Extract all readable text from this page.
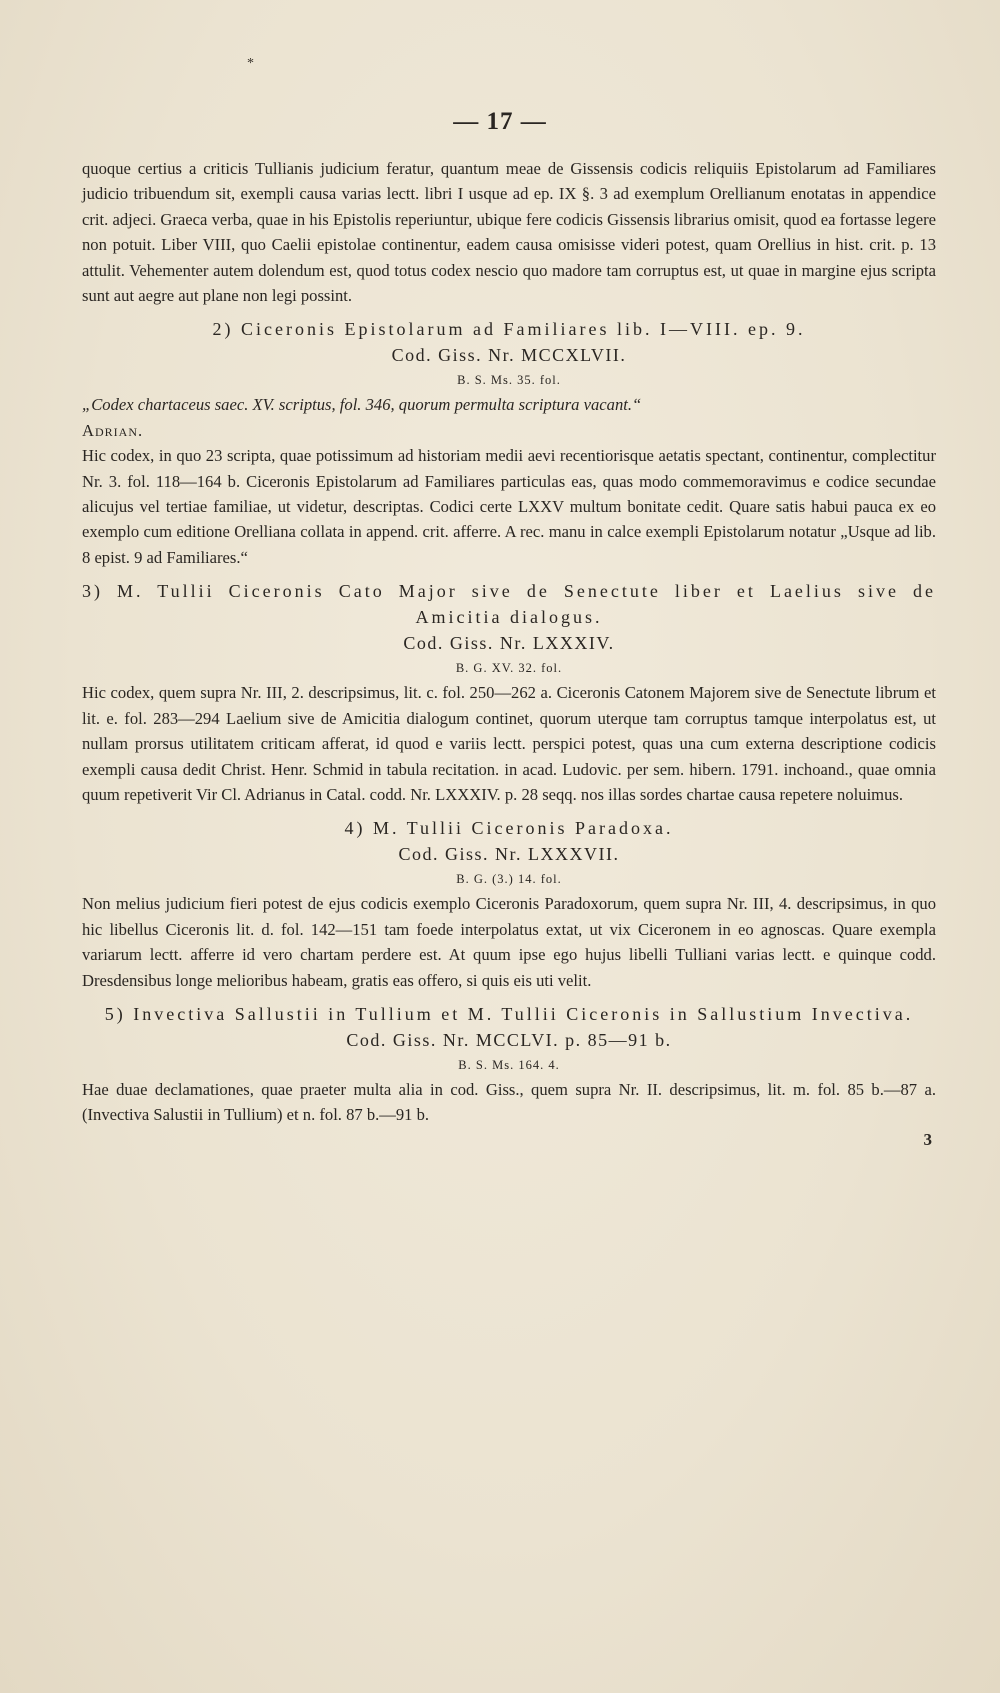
*
— 17 —

quoque certius a criticis Tullianis judicium feratur, quantum meae de Gissensis codicis reliquiis Epistolarum ad Familiares judicio tribuendum sit, exempli causa varias lectt. libri I usque ad ep. IX §. 3 ad exemplum Orellianum enotatas in appendice crit. adjeci. Graeca verba, quae in his Epistolis reperiuntur, ubique fere codicis Gissensis librarius omisit, quod ea fortasse legere non potuit. Liber VIII, quo Caelii epistolae continentur, eadem causa omisisse videri potest, quam Orellius in hist. crit. p. 13 attulit. Vehementer autem dolendum est, quod totus codex nescio quo madore tam corruptus est, ut quae in margine ejus scripta sunt aut aegre aut plane non legi possint.

2) Ciceronis Epistolarum ad Familiares lib. I—VIII. ep. 9.
Cod. Giss. Nr. MCCXLVII.
B. S. Ms. 35. fol.

„Codex chartaceus saec. XV. scriptus, fol. 346, quorum permulta scriptura vacant.“

Adrian.

Hic codex, in quo 23 scripta, quae potissimum ad historiam medii aevi recentiorisque aetatis spectant, continentur, complectitur Nr. 3. fol. 118—164 b. Ciceronis Epistolarum ad Familiares particulas eas, quas modo commemoravimus e codice secundae alicujus vel tertiae familiae, ut videtur, descriptas. Codici certe LXXV multum bonitate cedit. Quare satis habui pauca ex eo exemplo cum editione Orelliana collata in append. crit. afferre. A rec. manu in calce exempli Epistolarum notatur „Usque ad lib. 8 epist. 9 ad Familiares.“

3) M. Tullii Ciceronis Cato Major sive de Senectute liber et Laelius sive de Amicitia dialogus.
Cod. Giss. Nr. LXXXIV.
B. G. XV. 32. fol.

Hic codex, quem supra Nr. III, 2. descripsimus, lit. c. fol. 250—262 a. Ciceronis Catonem Majorem sive de Senectute librum et lit. e. fol. 283—294 Laelium sive de Amicitia dialogum continet, quorum uterque tam corruptus tamque interpolatus est, ut nullam prorsus utilitatem criticam afferat, id quod e variis lectt. perspici potest, quas una cum externa descriptione codicis exempli causa dedit Christ. Henr. Schmid in tabula recitation. in acad. Ludovic. per sem. hibern. 1791. inchoand., quae omnia quum repetiverit Vir Cl. Adrianus in Catal. codd. Nr. LXXXIV. p. 28 seqq. nos illas sordes chartae causa repetere noluimus.

4) M. Tullii Ciceronis Paradoxa.
Cod. Giss. Nr. LXXXVII.
B. G. (3.) 14. fol.

Non melius judicium fieri potest de ejus codicis exemplo Ciceronis Paradoxorum, quem supra Nr. III, 4. descripsimus, in quo hic libellus Ciceronis lit. d. fol. 142—151 tam foede interpolatus extat, ut vix Ciceronem in eo agnoscas. Quare exempla variarum lectt. afferre id vero chartam perdere est. At quum ipse ego hujus libelli Tulliani varias lectt. e quinque codd. Dresdensibus longe melioribus habeam, gratis eas offero, si quis eis uti velit.

5) Invectiva Sallustii in Tullium et M. Tullii Ciceronis in Sallustium Invectiva.
Cod. Giss. Nr. MCCLVI. p. 85—91 b.
B. S. Ms. 164. 4.

Hae duae declamationes, quae praeter multa alia in cod. Giss., quem supra Nr. II. descripsimus, lit. m. fol. 85 b.—87 a. (Invectiva Salustii in Tullium) et n. fol. 87 b.—91 b.

3
